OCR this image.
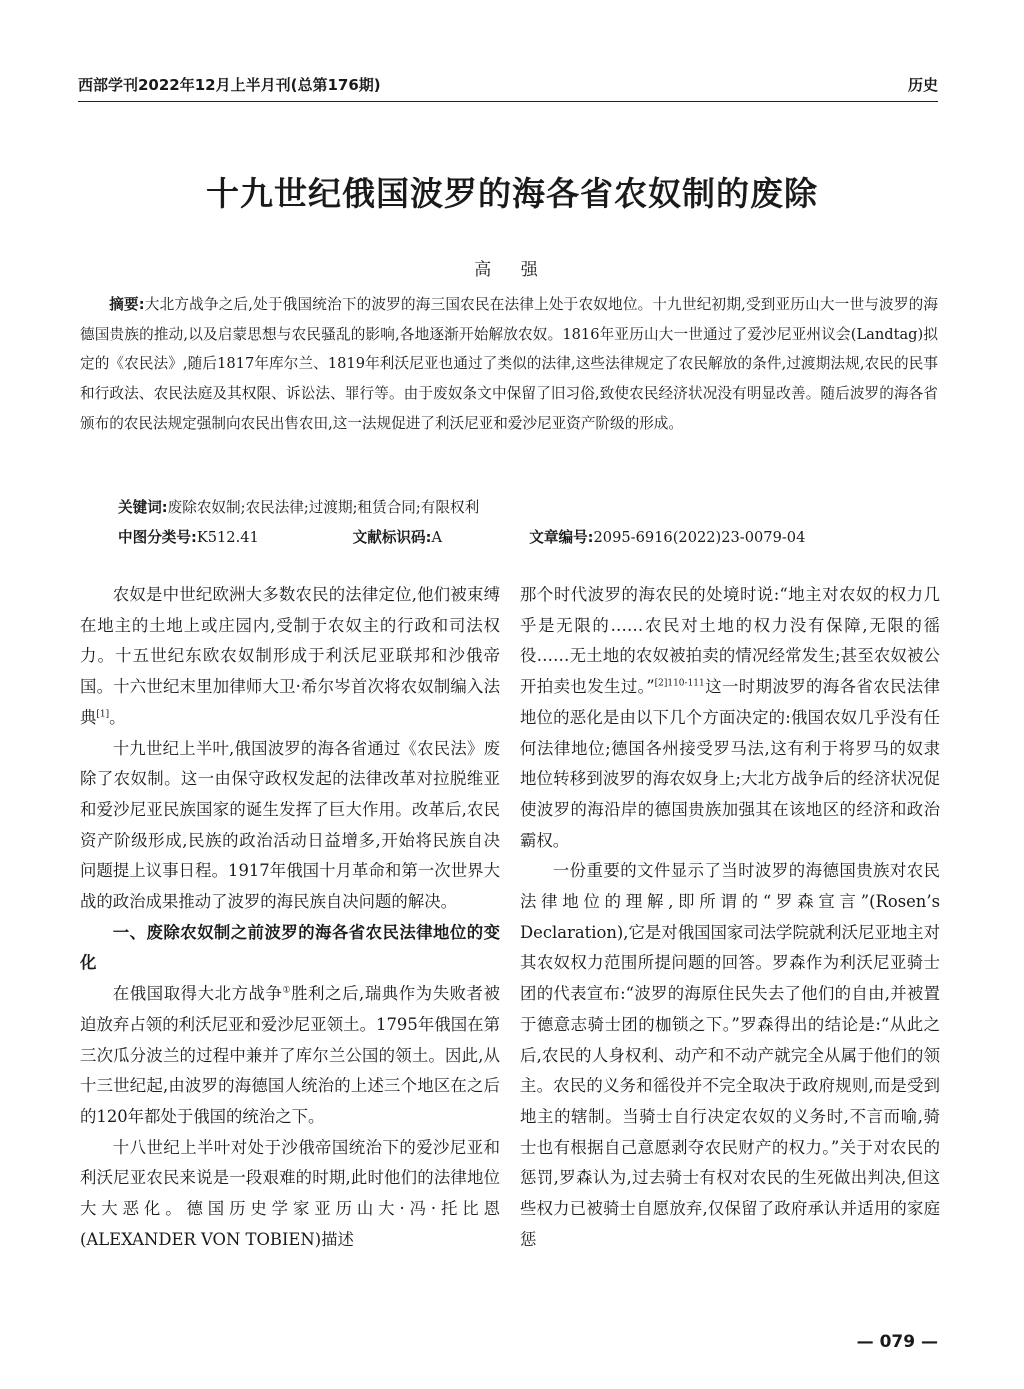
西部学刊2022年12月上半月刊(总第176期)	历史
十九世纪俄国波罗的海各省农奴制的废除
高 强
摘要:大北方战争之后,处于俄国统治下的波罗的海三国农民在法律上处于农奴地位。十九世纪初期,受到亚历山大一世与波罗的海德国贵族的推动,以及启蒙思想与农民骚乱的影响,各地逐渐开始解放农奴。1816年亚历山大一世通过了爱沙尼亚州议会(Landtag)拟定的《农民法》,随后1817年库尔兰、1819年利沃尼亚也通过了类似的法律,这些法律规定了农民解放的条件,过渡期法规,农民的民事和行政法、农民法庭及其权限、诉讼法、罪行等。由于废奴条文中保留了旧习俗,致使农民经济状况没有明显改善。随后波罗的海各省颁布的农民法规定强制向农民出售农田,这一法规促进了利沃尼亚和爱沙尼亚资产阶级的形成。
关键词:废除农奴制;农民法律;过渡期;租赁合同;有限权利
中图分类号:K512.41	文献标识码:A	文章编号:2095-6916(2022)23-0079-04

农奴是中世纪欧洲大多数农民的法律定位,他们被束缚在地主的土地上或庄园内,受制于农奴主的行政和司法权力。十五世纪东欧农奴制形成于利沃尼亚联邦和沙俄帝国。十六世纪末里加律师大卫·希尔岑首次将农奴制编入法典[1]。

十九世纪上半叶,俄国波罗的海各省通过《农民法》废除了农奴制。这一由保守政权发起的法律改革对拉脱维亚和爱沙尼亚民族国家的诞生发挥了巨大作用。改革后,农民资产阶级形成,民族的政治活动日益增多,开始将民族自决问题提上议事日程。1917年俄国十月革命和第一次世界大战的政治成果推动了波罗的海民族自决问题的解决。

一、废除农奴制之前波罗的海各省农民法律地位的变化

在俄国取得大北方战争①胜利之后,瑞典作为失败者被迫放弃占领的利沃尼亚和爱沙尼亚领土。1795年俄国在第三次瓜分波兰的过程中兼并了库尔兰公国的领土。因此,从十三世纪起,由波罗的海德国人统治的上述三个地区在之后的120年都处于俄国的统治之下。

十八世纪上半叶对处于沙俄帝国统治下的爱沙尼亚和利沃尼亚农民来说是一段艰难的时期,此时他们的法律地位大大恶化。德国历史学家亚历山大·冯·托比恩(ALEXANDER VON TOBIEN)描述

那个时代波罗的海农民的处境时说:“地主对农奴的权力几乎是无限的……农民对土地的权力没有保障,无限的徭役……无土地的农奴被拍卖的情况经常发生;甚至农奴被公开拍卖也发生过。”$^{[2]110-111}$这一时期波罗的海各省农民法律地位的恶化是由以下几个方面决定的:俄国农奴几乎没有任何法律地位;德国各州接受罗马法,这有利于将罗马的奴隶地位转移到波罗的海农奴身上;大北方战争后的经济状况促使波罗的海沿岸的德国贵族加强其在该地区的经济和政治霸权。

一份重要的文件显示了当时波罗的海德国贵族对农民法律地位的理解,即所谓的“罗森宣言”(Rosen’s Declaration),它是对俄国国家司法学院就利沃尼亚地主对其农奴权力范围所提问题的回答。罗森作为利沃尼亚骑士团的代表宣布:“波罗的海原住民失去了他们的自由,并被置于德意志骑士团的枷锁之下。”罗森得出的结论是:“从此之后,农民的人身权利、动产和不动产就完全从属于他们的领主。农民的义务和徭役并不完全取决于政府规则,而是受到地主的辖制。当骑士自行决定农奴的义务时,不言而喻,骑士也有根据自己意愿剥夺农民财产的权力。”关于对农民的惩罚,罗森认为,过去骑士有权对农民的生死做出判决,但这些权力已被骑士自愿放弃,仅保留了政府承认并适用的家庭惩

— 079 —
